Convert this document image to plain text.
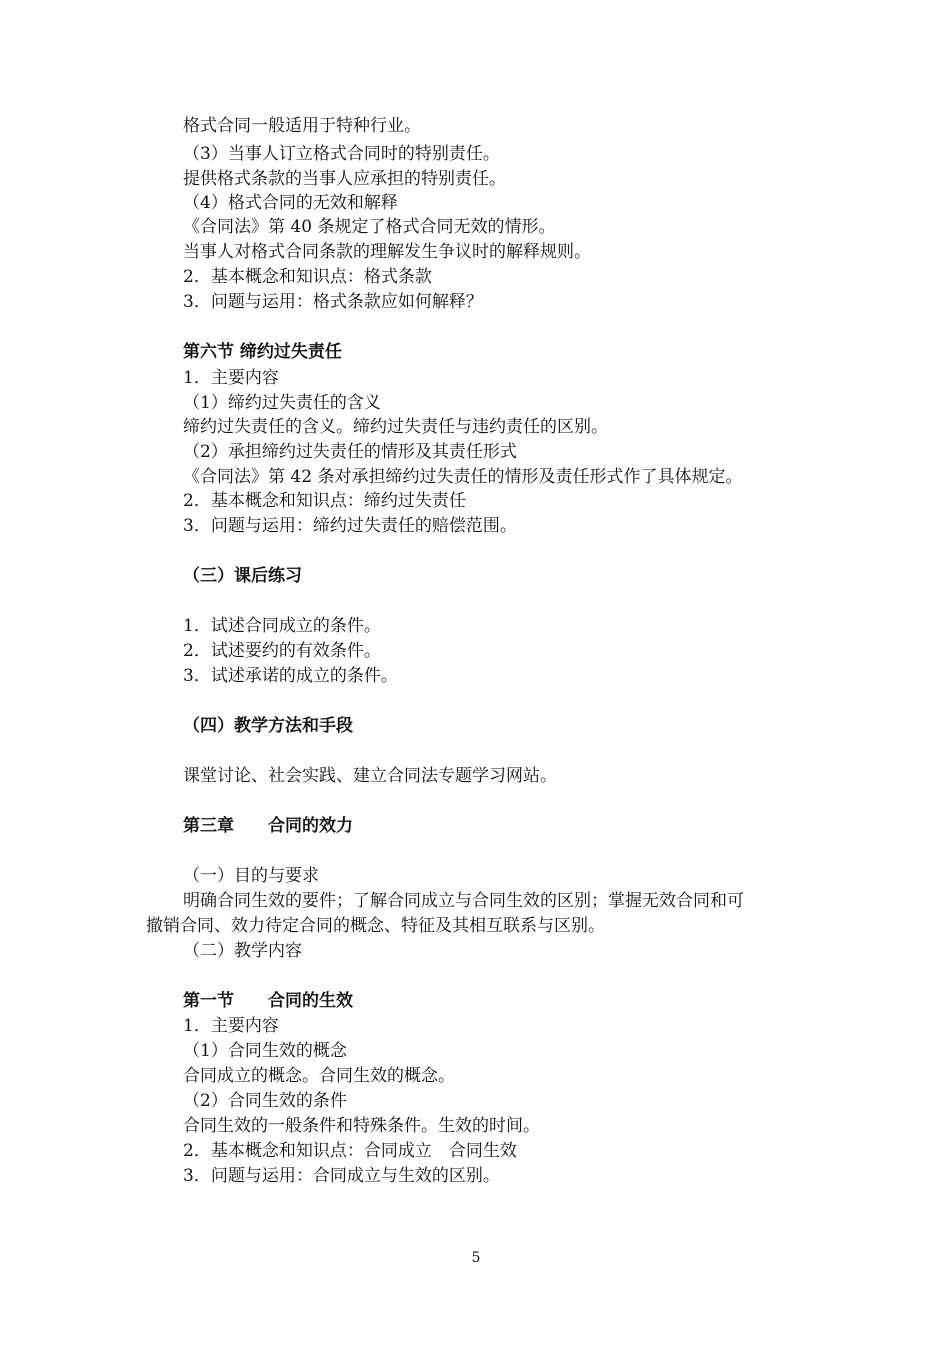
格式合同一般适用于特种行业。
（3）当事人订立格式合同时的特别责任。
提供格式条款的当事人应承担的特别责任。
（4）格式合同的无效和解释
《合同法》第 40 条规定了格式合同无效的情形。
当事人对格式合同条款的理解发生争议时的解释规则。
2．基本概念和知识点：格式条款
3．问题与运用：格式条款应如何解释？
第六节 缔约过失责任
1．主要内容
（1）缔约过失责任的含义
缔约过失责任的含义。缔约过失责任与违约责任的区别。
（2）承担缔约过失责任的情形及其责任形式
《合同法》第 42 条对承担缔约过失责任的情形及责任形式作了具体规定。
2．基本概念和知识点：缔约过失责任
3．问题与运用：缔约过失责任的赔偿范围。
（三）课后练习
1．试述合同成立的条件。
2．试述要约的有效条件。
3．试述承诺的成立的条件。
（四）教学方法和手段
课堂讨论、社会实践、建立合同法专题学习网站。
第三章　　合同的效力
（一）目的与要求
明确合同生效的要件；了解合同成立与合同生效的区别；掌握无效合同和可
撤销合同、效力待定合同的概念、特征及其相互联系与区别。
（二）教学内容
第一节　　合同的生效
1．主要内容
（1）合同生效的概念
合同成立的概念。合同生效的概念。
（2）合同生效的条件
合同生效的一般条件和特殊条件。生效的时间。
2．基本概念和知识点：合同成立　合同生效
3．问题与运用：合同成立与生效的区别。
5
